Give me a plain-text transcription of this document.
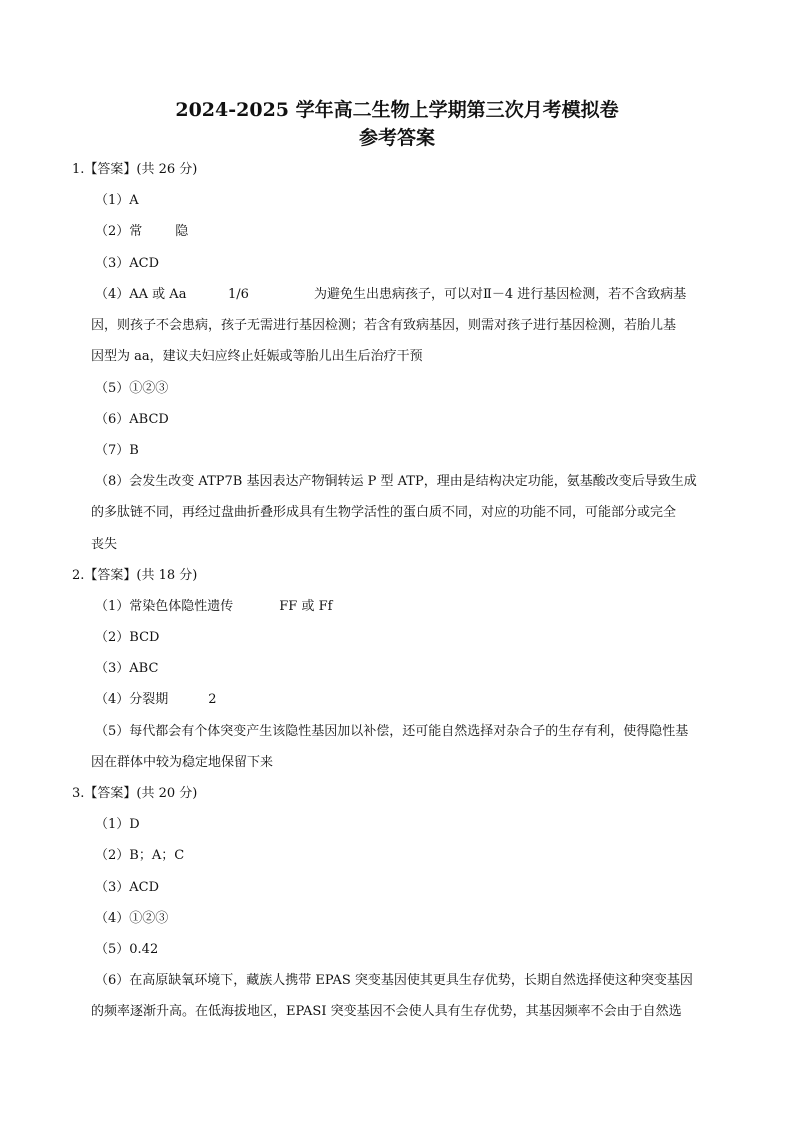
2024-2025 学年高二生物上学期第三次月考模拟卷
参考答案
1.【答案】(共 26 分)
（1）A
（2）常	隐
（3）ACD
（4）AA 或 Aa	1/6	为避免生出患病孩子，可以对Ⅱ－4 进行基因检测，若不含致病基
因，则孩子不会患病，孩子无需进行基因检测；若含有致病基因，则需对孩子进行基因检测，若胎儿基
因型为 aa，建议夫妇应终止妊娠或等胎儿出生后治疗干预
（5）①②③
（6）ABCD
（7）B
（8）会发生改变 ATP7B 基因表达产物铜转运 P 型 ATP，理由是结构决定功能，氨基酸改变后导致生成
的多肽链不同，再经过盘曲折叠形成具有生物学活性的蛋白质不同，对应的功能不同，可能部分或完全
丧失
2.【答案】(共 18 分)
（1）常染色体隐性遗传	FF 或 Ff
（2）BCD
（3）ABC
（4）分裂期	2
（5）每代都会有个体突变产生该隐性基因加以补偿，还可能自然选择对杂合子的生存有利，使得隐性基
因在群体中较为稳定地保留下来
3.【答案】(共 20 分)
（1）D
（2）B；A；C
（3）ACD
（4）①②③
（5）0.42
（6）在高原缺氧环境下，藏族人携带 EPAS 突变基因使其更具生存优势，长期自然选择使这种突变基因
的频率逐渐升高。在低海拔地区，EPASI 突变基因不会使人具有生存优势，其基因频率不会由于自然选
